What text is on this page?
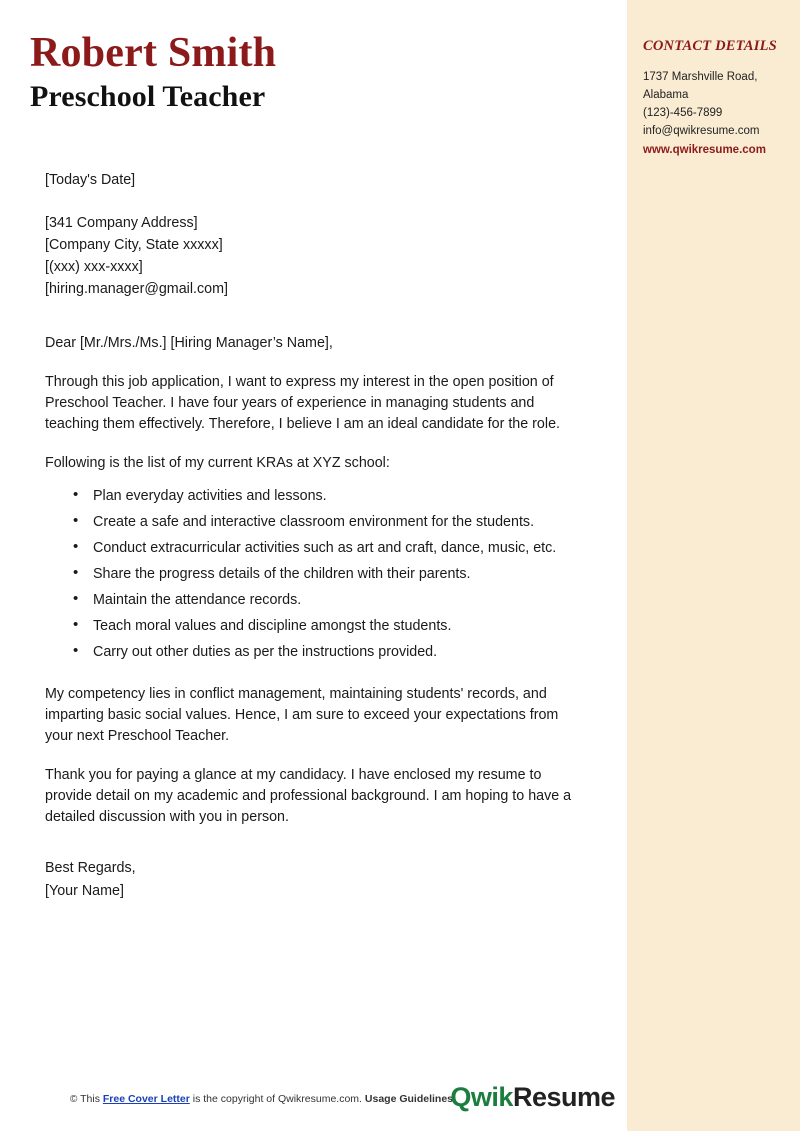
CONTACT DETAILS

1737 Marshville Road,

Alabama

(123)-456-7899

info@qwikresume.com

www.qwikresume.com

Robert Smith
Preschool Teacher

[Today's Date]

[341 Company Address]

[Company City, State xxxxx]

[(xxx) xxx-xxxx]

[hiring.manager@gmail.com]

Dear [Mr./Mrs./Ms.] [Hiring Manager’s Name],

Through this job application, I want to express my interest in the open position of Preschool Teacher. I have four years of experience in managing students and teaching them effectively. Therefore, I believe I am an ideal candidate for the role.

Following is the list of my current KRAs at XYZ school:

• Plan everyday activities and lessons.
• Create a safe and interactive classroom environment for the students.
• Conduct extracurricular activities such as art and craft, dance, music, etc.
• Share the progress details of the children with their parents.
• Maintain the attendance records.
• Teach moral values and discipline amongst the students.
• Carry out other duties as per the instructions provided.

My competency lies in conflict management, maintaining students' records, and imparting basic social values. Hence, I am sure to exceed your expectations from your next Preschool Teacher.

Thank you for paying a glance at my candidacy. I have enclosed my resume to provide detail on my academic and professional background. I am hoping to have a detailed discussion with you in person.

Best Regards,

[Your Name]

© This Free Cover Letter is the copyright of Qwikresume.com. Usage Guidelines
QwikResume
